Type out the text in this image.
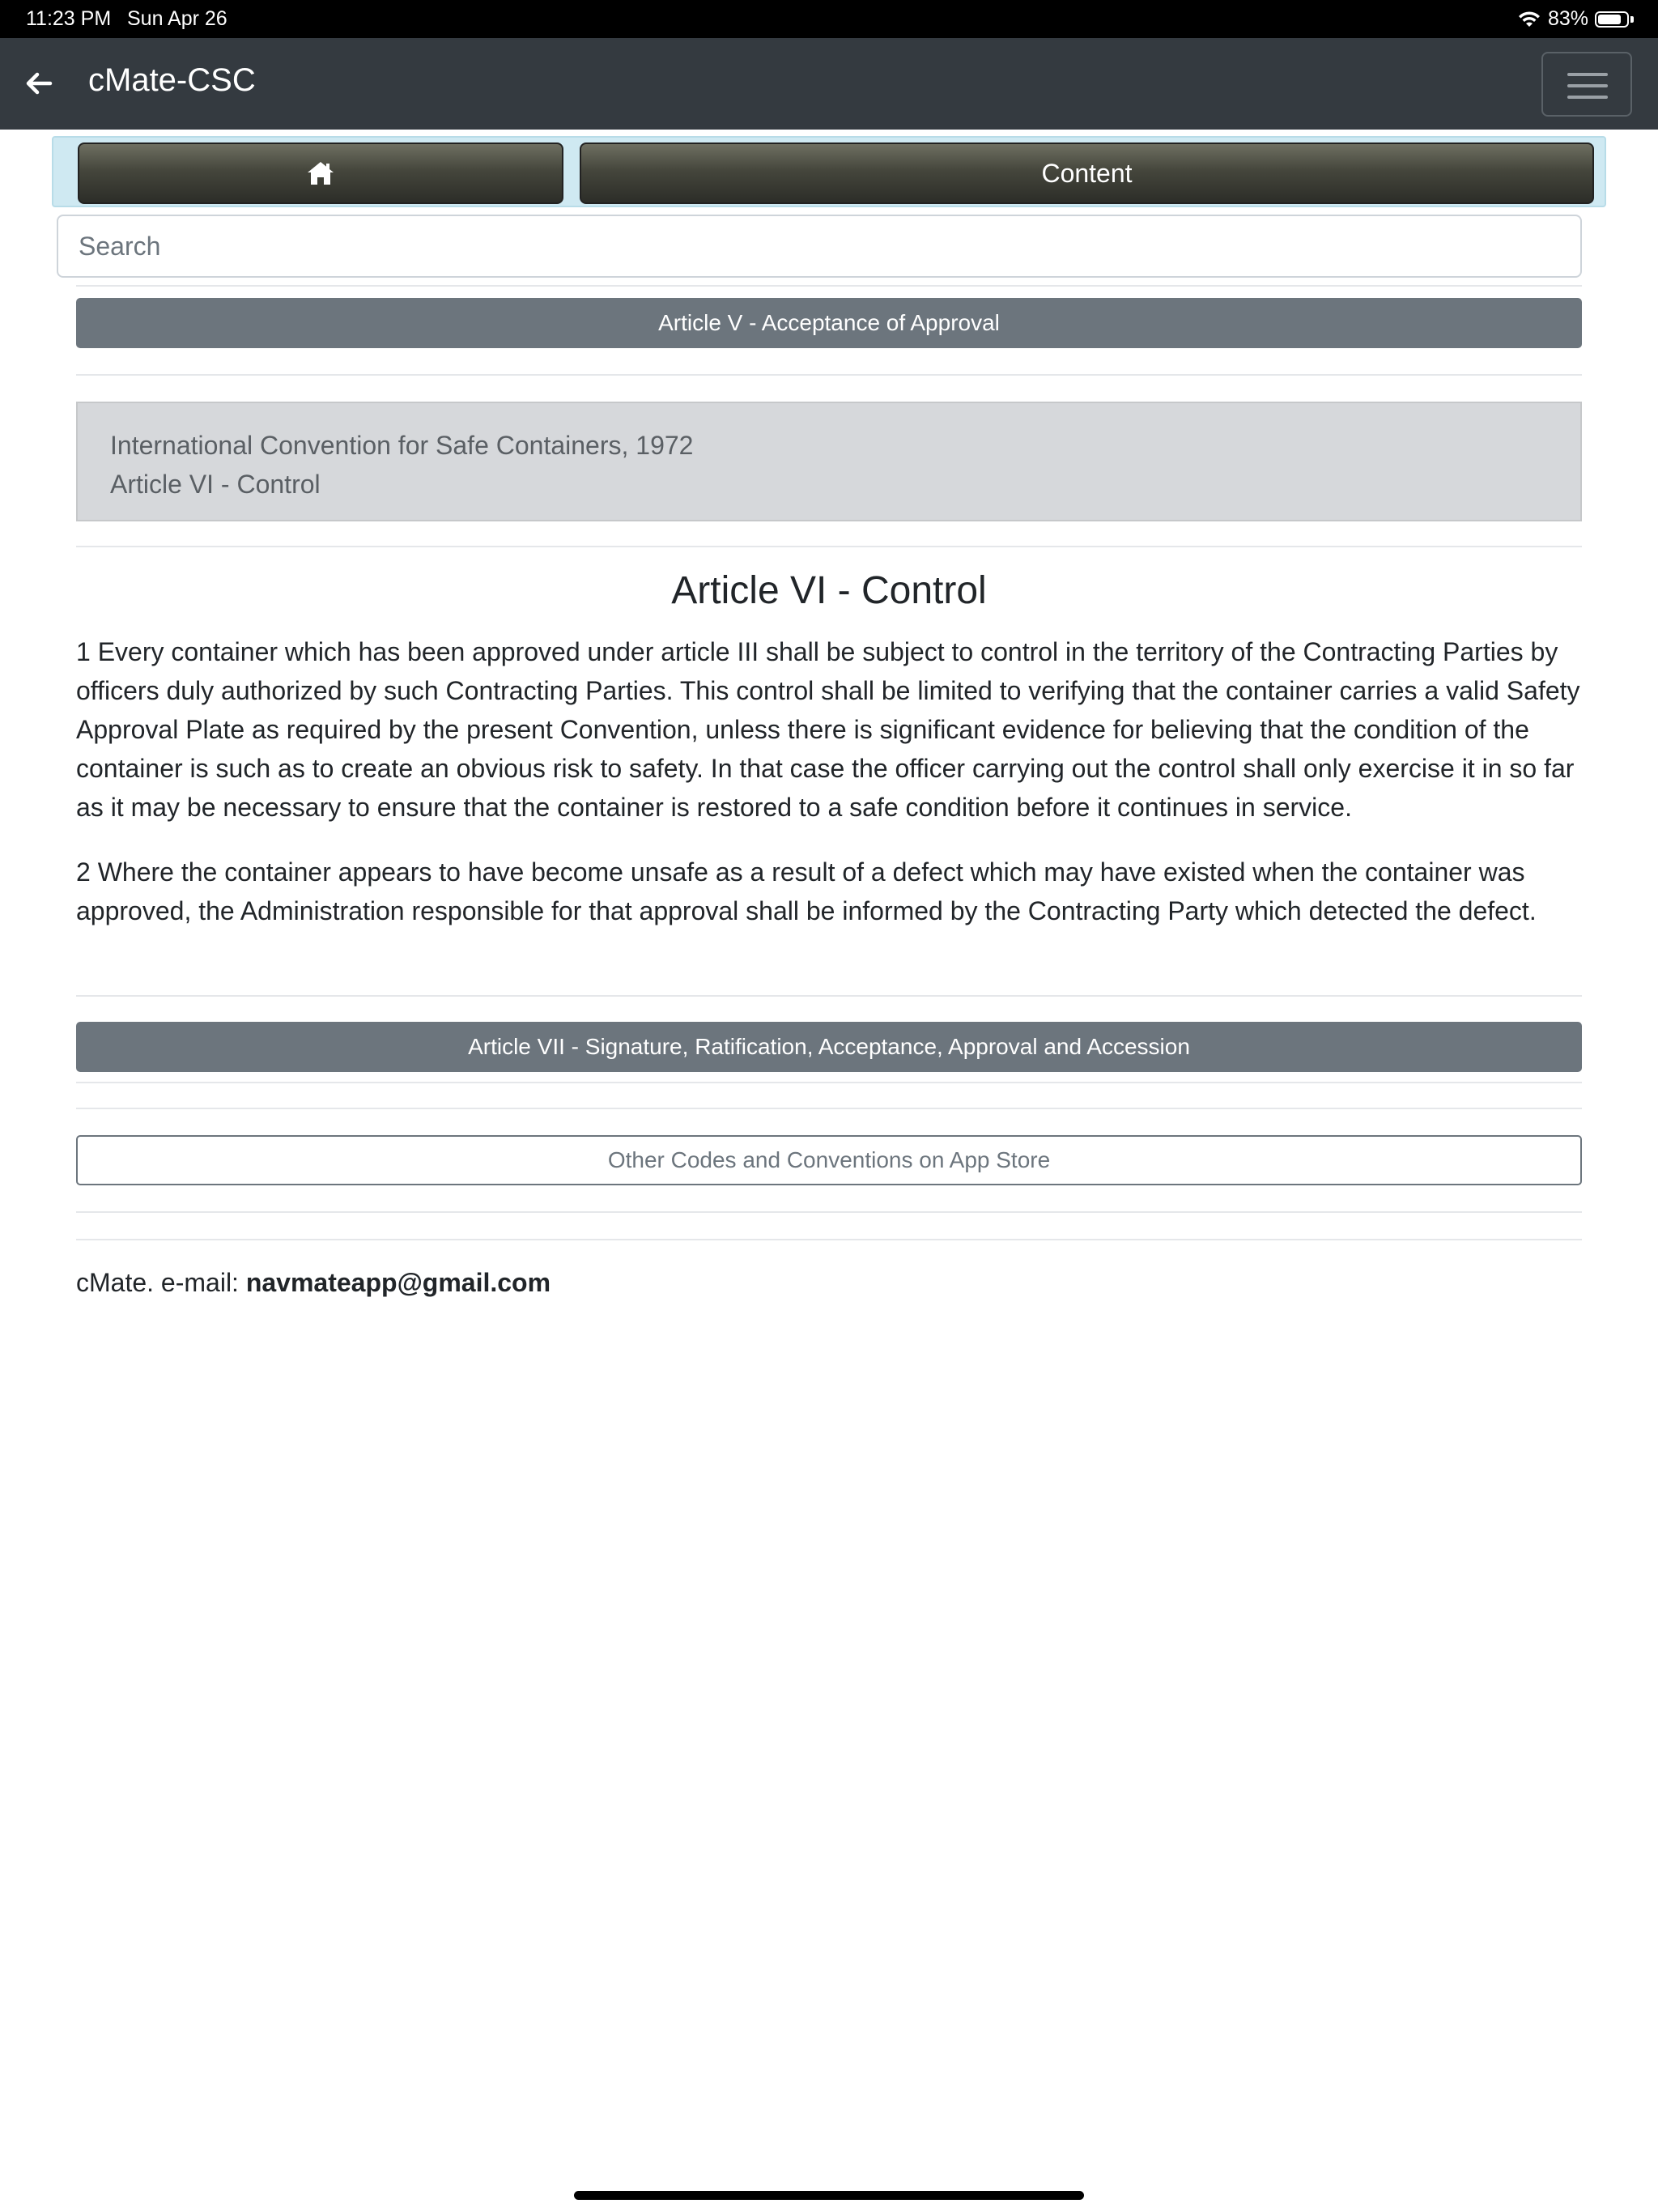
11:23 PM Sun Apr 26	83%
cMate-CSC
Content
Search
Article V - Acceptance of Approval
International Convention for Safe Containers, 1972
Article VI - Control
Article VI - Control

1 Every container which has been approved under article III shall be subject to control in the territory of the Contracting Parties by officers duly authorized by such Contracting Parties. This control shall be limited to verifying that the container carries a valid Safety Approval Plate as required by the present Convention, unless there is significant evidence for believing that the condition of the container is such as to create an obvious risk to safety. In that case the officer carrying out the control shall only exercise it in so far as it may be necessary to ensure that the container is restored to a safe condition before it continues in service.

2 Where the container appears to have become unsafe as a result of a defect which may have existed when the container was approved, the Administration responsible for that approval shall be informed by the Contracting Party which detected the defect.

Article VII - Signature, Ratification, Acceptance, Approval and Accession
Other Codes and Conventions on App Store
cMate. e-mail: navmateapp@gmail.com
